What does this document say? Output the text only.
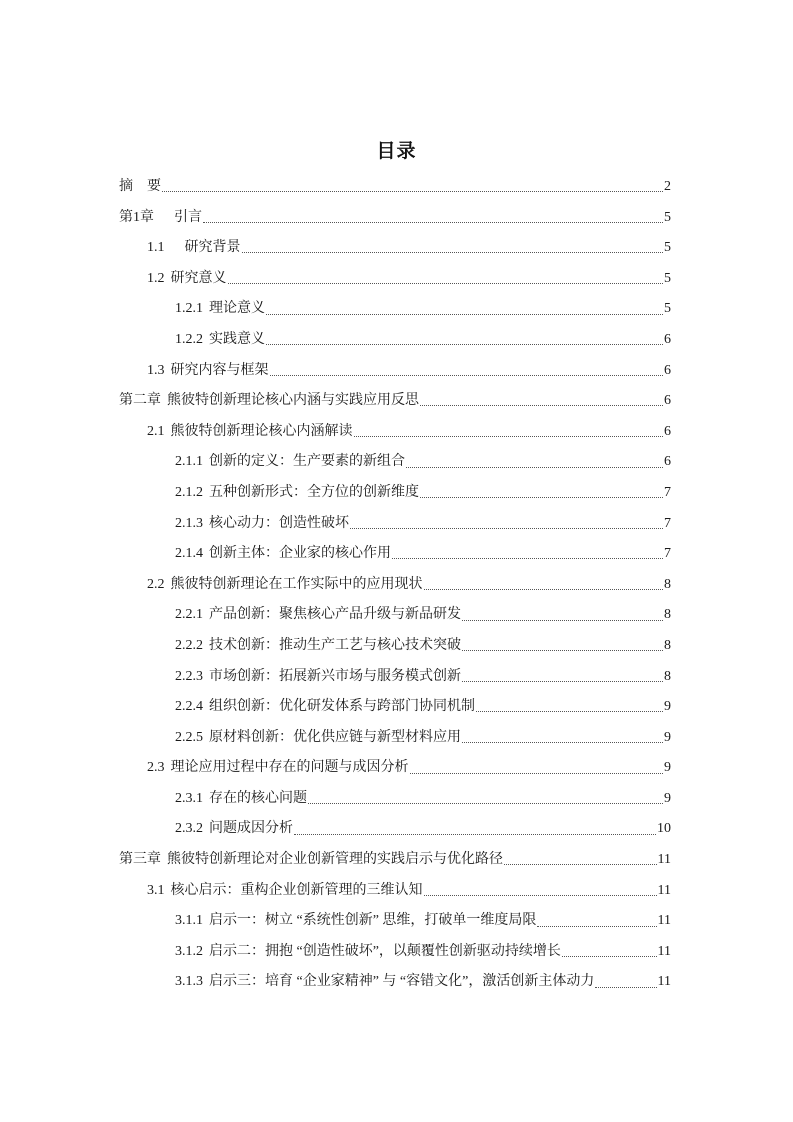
目录
摘　要	2
第1章 　引言	5
1.1 　研究背景	5
1.2 研究意义	5
1.2.1 理论意义	5
1.2.2 实践意义	6
1.3 研究内容与框架	6
第二章 熊彼特创新理论核心内涵与实践应用反思	6
2.1 熊彼特创新理论核心内涵解读	6
2.1.1 创新的定义：生产要素的新组合	6
2.1.2 五种创新形式：全方位的创新维度	7
2.1.3 核心动力：创造性破坏	7
2.1.4 创新主体：企业家的核心作用	7
2.2 熊彼特创新理论在工作实际中的应用现状	8
2.2.1 产品创新：聚焦核心产品升级与新品研发	8
2.2.2 技术创新：推动生产工艺与核心技术突破	8
2.2.3 市场创新：拓展新兴市场与服务模式创新	8
2.2.4 组织创新：优化研发体系与跨部门协同机制	9
2.2.5 原材料创新：优化供应链与新型材料应用	9
2.3 理论应用过程中存在的问题与成因分析	9
2.3.1 存在的核心问题	9
2.3.2 问题成因分析	10
第三章 熊彼特创新理论对企业创新管理的实践启示与优化路径	11
3.1 核心启示：重构企业创新管理的三维认知	11
3.1.1 启示一：树立 “系统性创新” 思维，打破单一维度局限	11
3.1.2 启示二：拥抱 “创造性破坏”，以颠覆性创新驱动持续增长	11
3.1.3 启示三：培育 “企业家精神” 与 “容错文化”，激活创新主体动力	11
